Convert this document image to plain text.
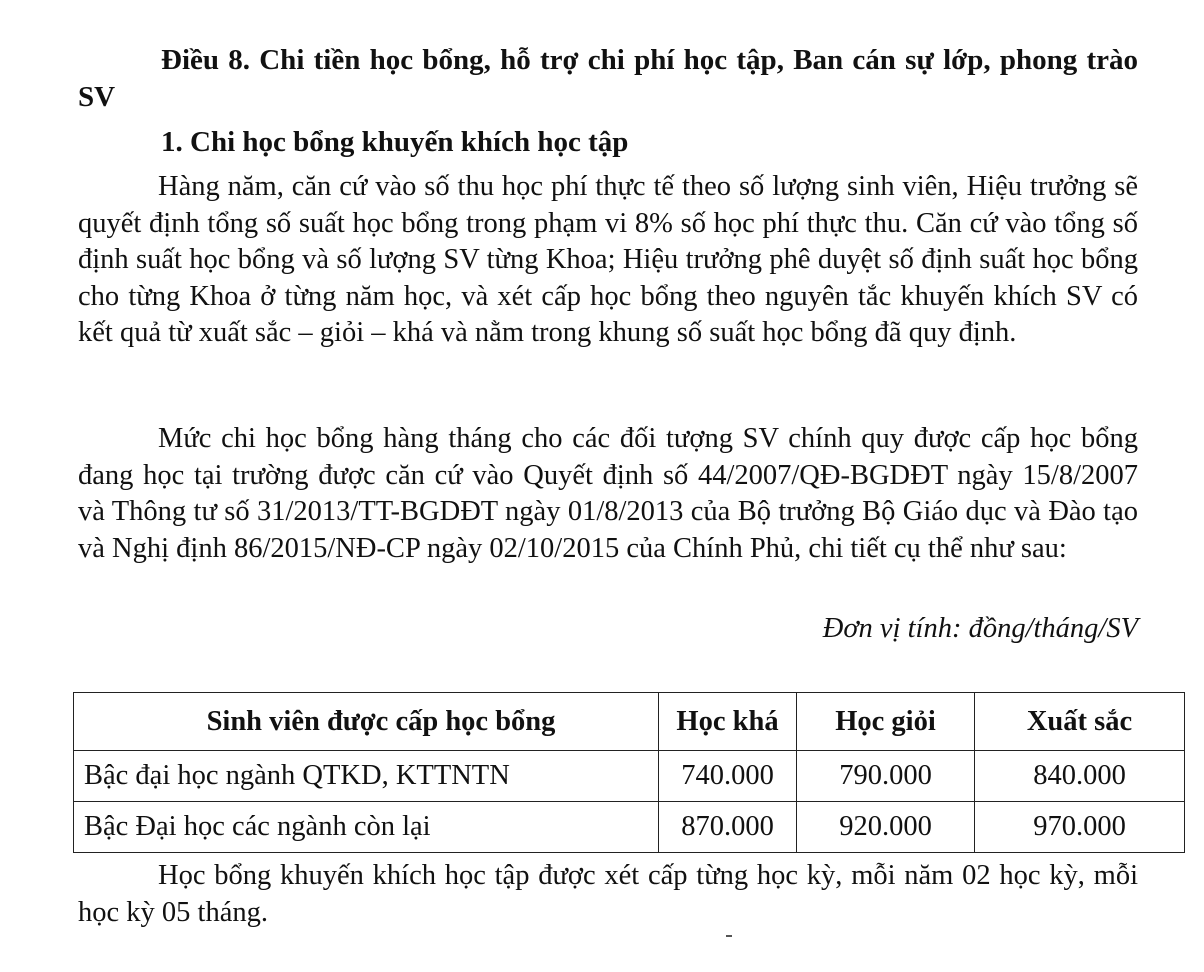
Điều 8. Chi tiền học bổng, hỗ trợ chi phí học tập, Ban cán sự lớp, phong trào SV
1. Chi học bổng khuyến khích học tập
Hàng năm, căn cứ vào số thu học phí thực tế theo số lượng sinh viên, Hiệu trưởng sẽ quyết định tổng số suất học bổng trong phạm vi 8% số học phí thực thu. Căn cứ vào tổng số định suất học bổng và số lượng SV từng Khoa; Hiệu trưởng phê duyệt số định suất học bổng cho từng Khoa ở từng năm học, và xét cấp học bổng theo nguyên tắc khuyến khích SV có kết quả từ xuất sắc – giỏi – khá và nằm trong khung số suất học bổng đã quy định.
Mức chi học bổng hàng tháng cho các đối tượng SV chính quy được cấp học bổng đang học tại trường được căn cứ vào Quyết định số 44/2007/QĐ-BGDĐT ngày 15/8/2007 và Thông tư số 31/2013/TT-BGDĐT ngày 01/8/2013 của Bộ trưởng Bộ Giáo dục và Đào tạo và Nghị định 86/2015/NĐ-CP ngày 02/10/2015 của Chính Phủ, chi tiết cụ thể như sau:
Đơn vị tính: đồng/tháng/SV
Sinh viên được cấp học bổng	Học khá	Học giỏi	Xuất sắc
Bậc đại học ngành QTKD, KTTNTN	740.000	790.000	840.000
Bậc Đại học các ngành còn lại	870.000	920.000	970.000
Học bổng khuyến khích học tập được xét cấp từng học kỳ, mỗi năm 02 học kỳ, mỗi học kỳ 05 tháng.
